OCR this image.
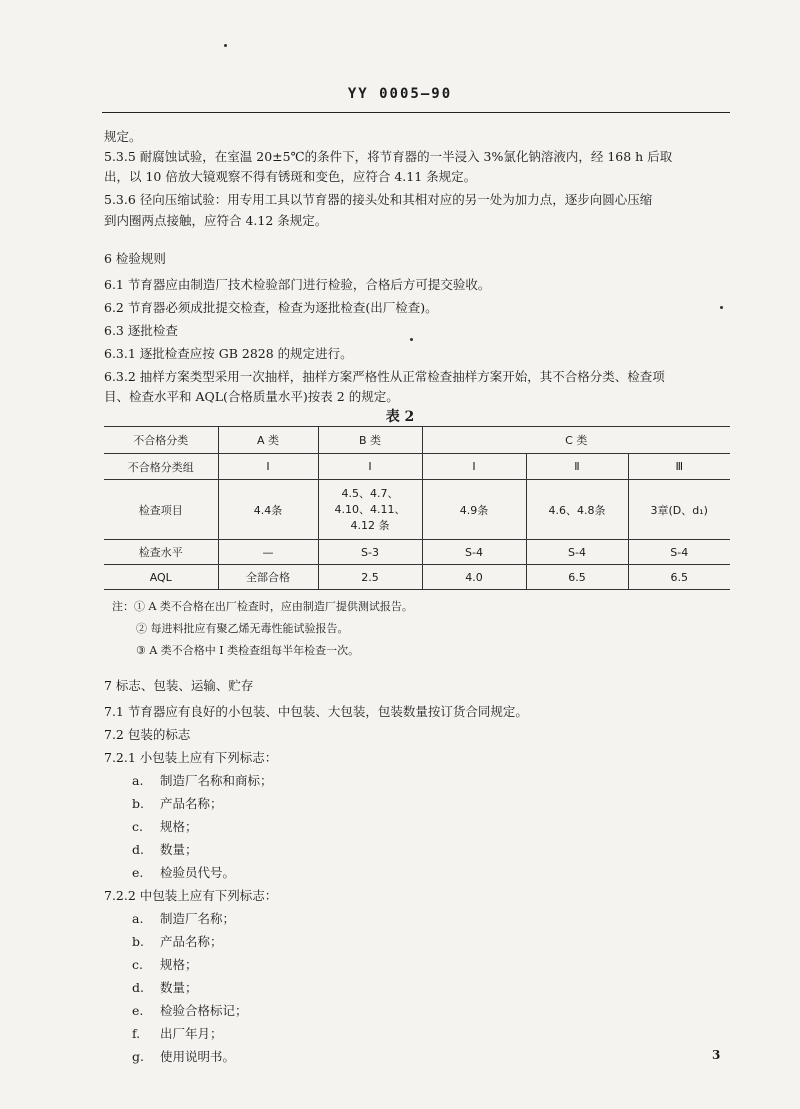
YY 0005—90
规定。
5.3.5 耐腐蚀试验，在室温 20±5℃的条件下，将节育器的一半浸入 3%氯化钠溶液内，经 168 h 后取
出，以 10 倍放大镜观察不得有锈斑和变色，应符合 4.11 条规定。
5.3.6 径向压缩试验：用专用工具以节育器的接头处和其相对应的另一处为加力点，逐步向圆心压缩
到内圈两点接触，应符合 4.12 条规定。
6 检验规则
6.1 节育器应由制造厂技术检验部门进行检验，合格后方可提交验收。
6.2 节育器必须成批提交检查，检查为逐批检查(出厂检查)。
6.3 逐批检查
6.3.1 逐批检查应按 GB 2828 的规定进行。
6.3.2 抽样方案类型采用一次抽样，抽样方案严格性从正常检查抽样方案开始，其不合格分类、检查项
目、检查水平和 AQL(合格质量水平)按表 2 的规定。
表 2
不合格分类	A 类	B 类	C 类		
不合格分类组	Ⅰ	Ⅰ	Ⅰ	Ⅱ	Ⅲ
检查项目	4.4条	4.5、4.7、
4.10、4.11、
4.12 条	4.9条	4.6、4.8条	3章(D、d₁)
检查水平	—	S-3	S-4	S-4	S-4
AQL	全部合格	2.5	4.0	6.5	6.5
注：① A 类不合格在出厂检查时，应由制造厂提供测试报告。
② 每进料批应有聚乙烯无毒性能试验报告。
③ A 类不合格中 I 类检查组每半年检查一次。
7 标志、包装、运输、贮存
7.1 节育器应有良好的小包装、中包装、大包装，包装数量按订货合同规定。
7.2 包装的标志
7.2.1 小包装上应有下列标志：
a. 制造厂名称和商标；
b. 产品名称；
c. 规格；
d. 数量；
e. 检验员代号。
7.2.2 中包装上应有下列标志：
a. 制造厂名称；
b. 产品名称；
c. 规格；
d. 数量；
e. 检验合格标记；
f. 出厂年月；
g. 使用说明书。	3
